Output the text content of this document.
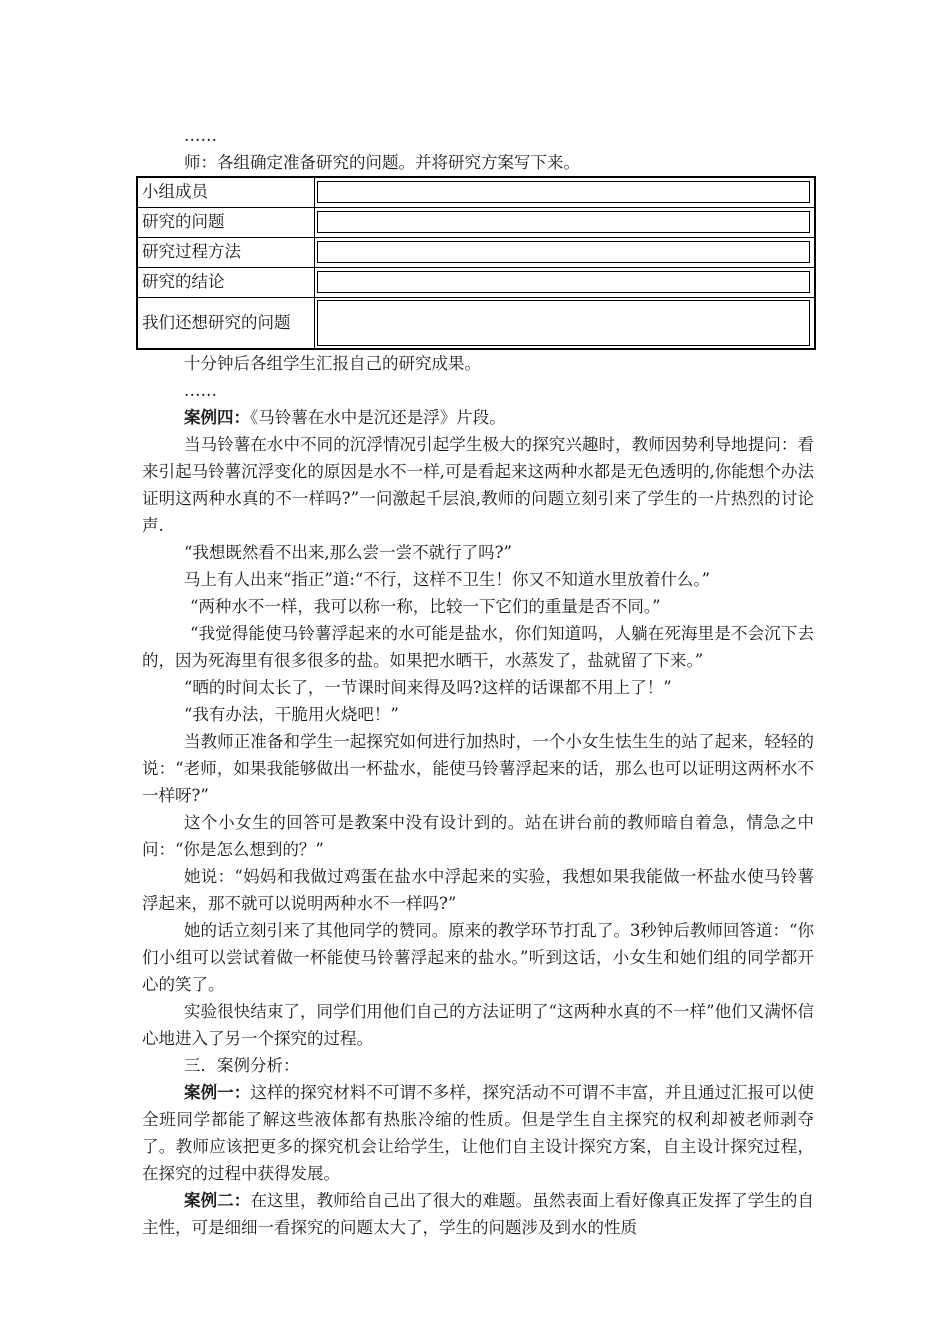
……

师：各组确定准备研究的问题。并将研究方案写下来。

小组成员	

研究的问题	

研究过程方法	

研究的结论	

我们还想研究的问题	

十分钟后各组学生汇报自己的研究成果。

……

案例四：《马铃薯在水中是沉还是浮》片段。

当马铃薯在水中不同的沉浮情况引起学生极大的探究兴趣时，教师因势利导地提问：看来引起马铃薯沉浮变化的原因是水不一样,可是看起来这两种水都是无色透明的,你能想个办法证明这两种水真的不一样吗?”一问激起千层浪,教师的问题立刻引来了学生的一片热烈的讨论声.

“我想既然看不出来,那么尝一尝不就行了吗?”

马上有人出来“指正”道:“不行，这样不卫生！你又不知道水里放着什么。”

“两种水不一样，我可以称一称，比较一下它们的重量是否不同。”

“我觉得能使马铃薯浮起来的水可能是盐水，你们知道吗，人躺在死海里是不会沉下去的，因为死海里有很多很多的盐。如果把水晒干，水蒸发了，盐就留了下来。”

“晒的时间太长了，一节课时间来得及吗?这样的话课都不用上了！”

“我有办法，干脆用火烧吧！”

当教师正准备和学生一起探究如何进行加热时，一个小女生怯生生的站了起来，轻轻的说：“老师，如果我能够做出一杯盐水，能使马铃薯浮起来的话，那么也可以证明这两杯水不一样呀?”

这个小女生的回答可是教案中没有设计到的。站在讲台前的教师暗自着急，情急之中问：“你是怎么想到的？”

她说：“妈妈和我做过鸡蛋在盐水中浮起来的实验，我想如果我能做一杯盐水使马铃薯浮起来，那不就可以说明两种水不一样吗?”

她的话立刻引来了其他同学的赞同。原来的教学环节打乱了。3秒钟后教师回答道：“你们小组可以尝试着做一杯能使马铃薯浮起来的盐水。”听到这话，小女生和她们组的同学都开心的笑了。

实验很快结束了，同学们用他们自己的方法证明了“这两种水真的不一样”他们又满怀信心地进入了另一个探究的过程。

三．案例分析：

案例一：这样的探究材料不可谓不多样，探究活动不可谓不丰富，并且通过汇报可以使全班同学都能了解这些液体都有热胀冷缩的性质。但是学生自主探究的权利却被老师剥夺了。教师应该把更多的探究机会让给学生，让他们自主设计探究方案，自主设计探究过程，在探究的过程中获得发展。

案例二：在这里，教师给自己出了很大的难题。虽然表面上看好像真正发挥了学生的自主性，可是细细一看探究的问题太大了，学生的问题涉及到水的性质
